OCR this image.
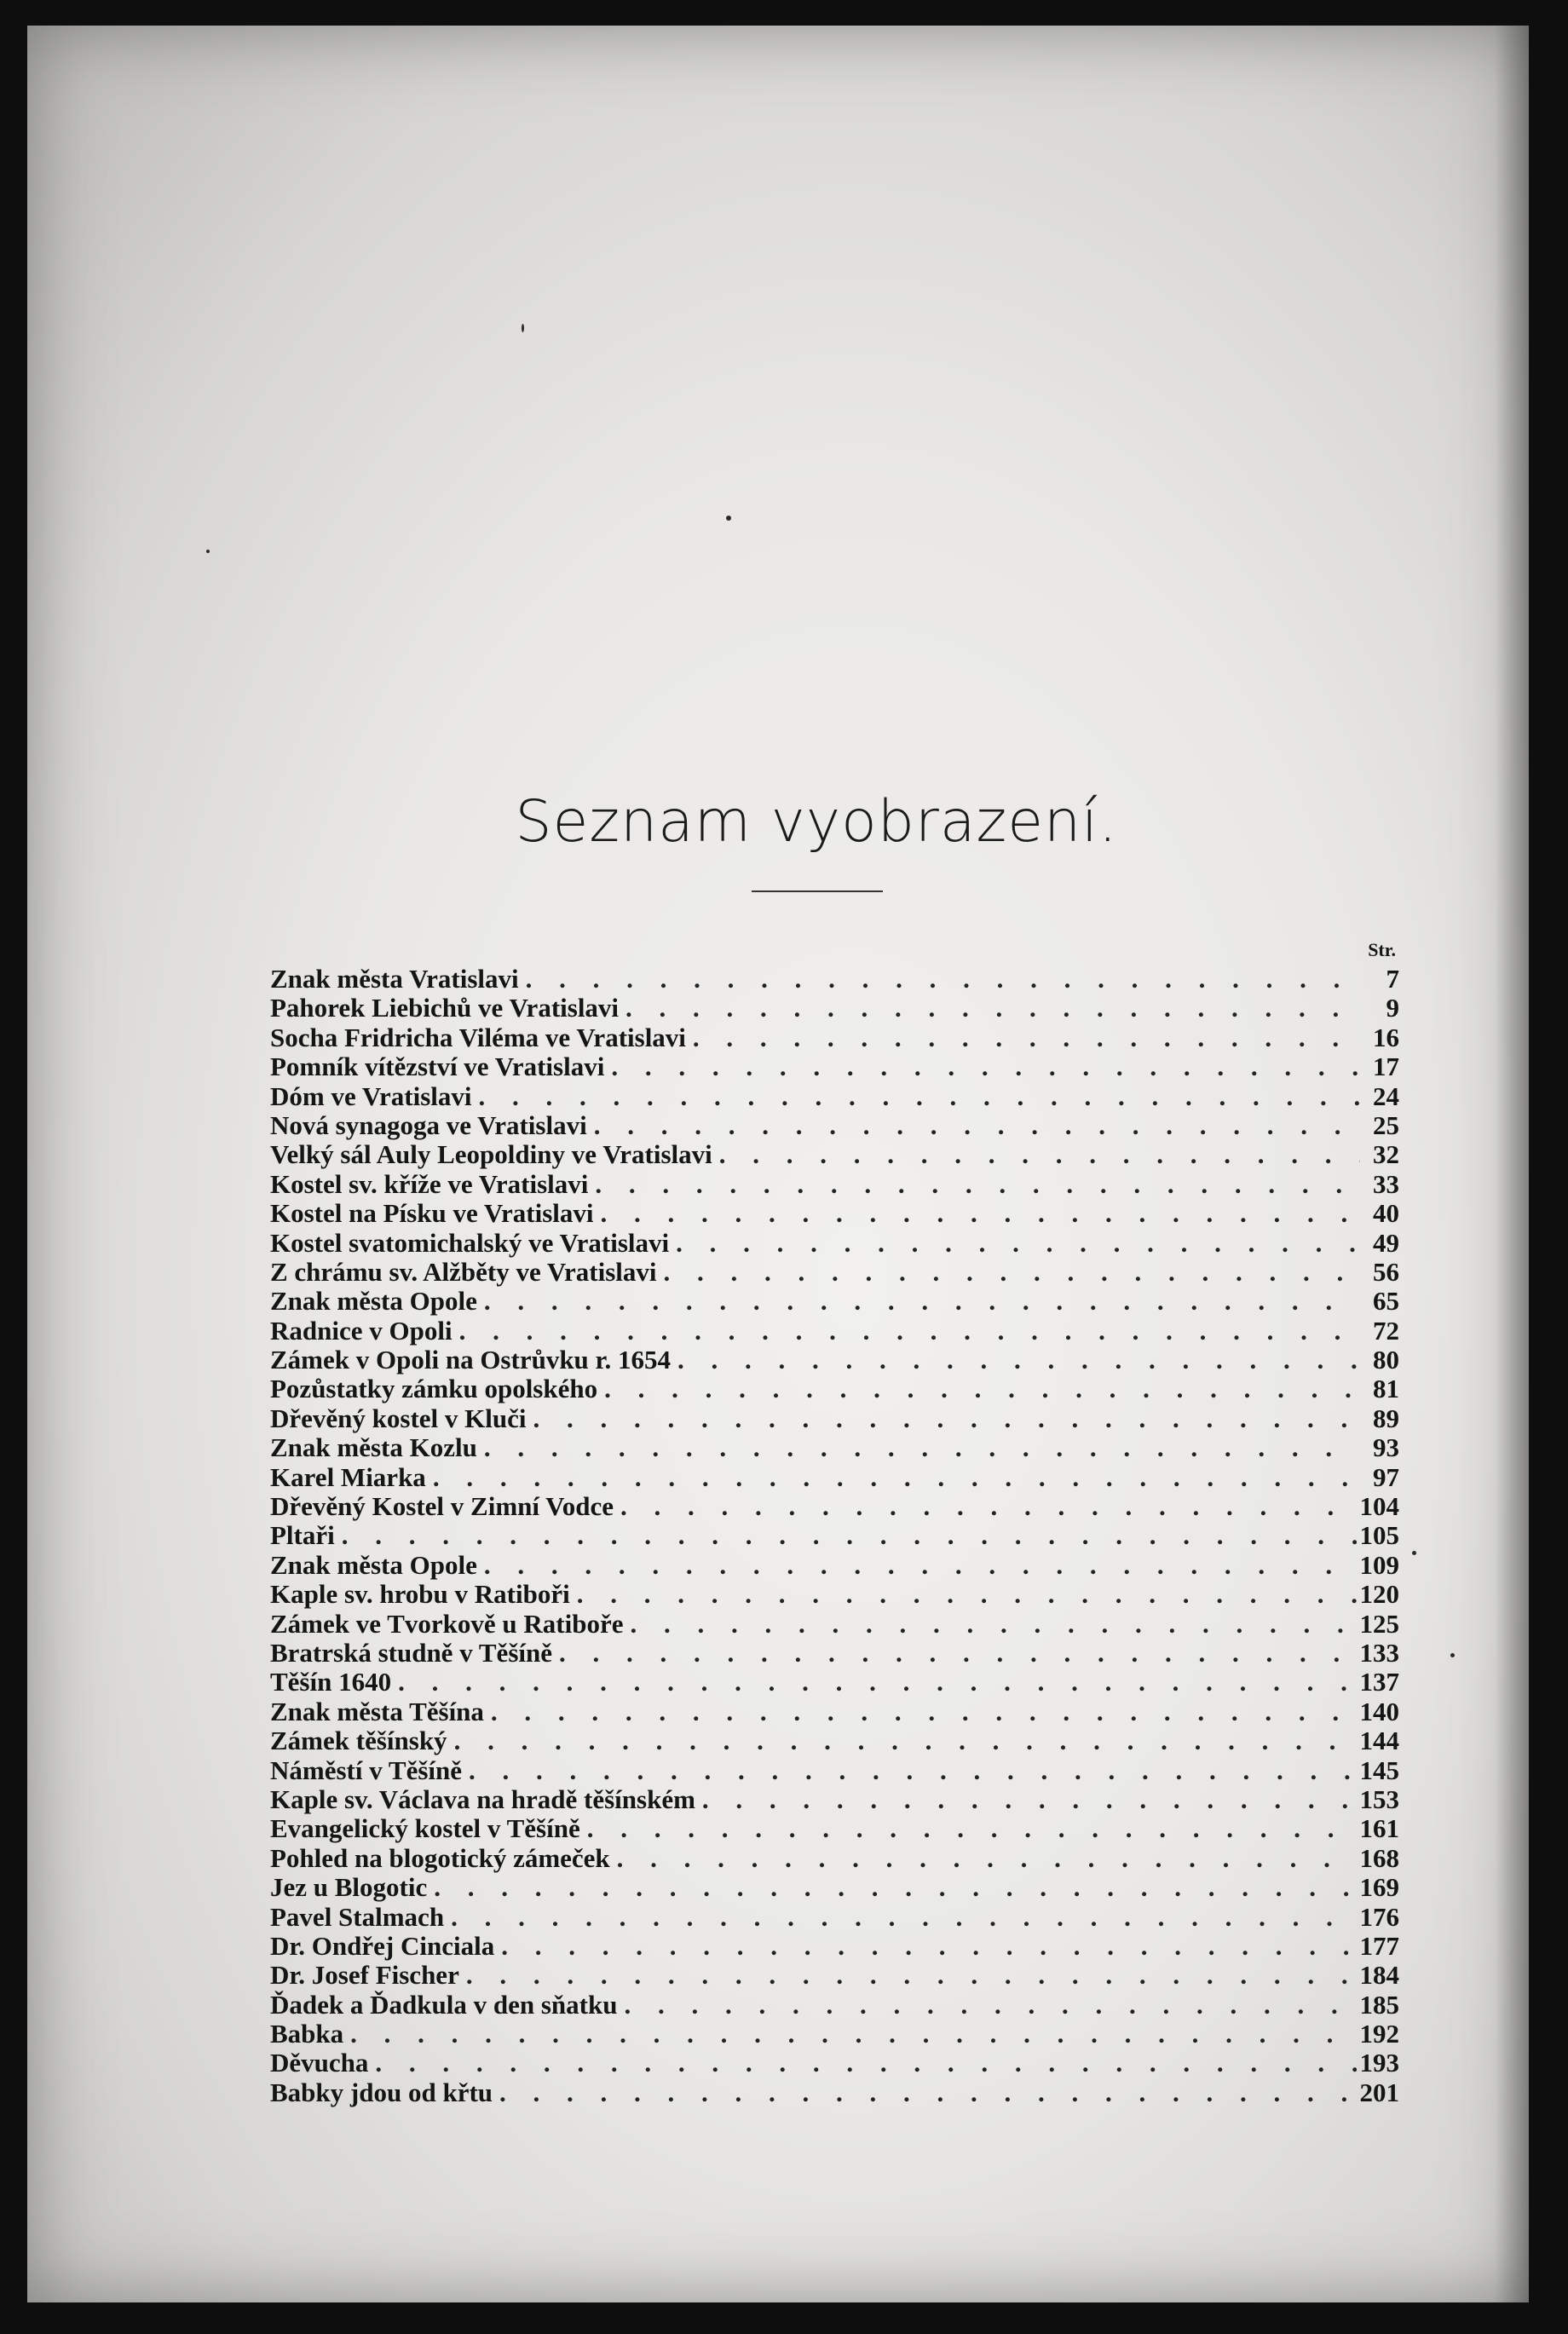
Seznam vyobrazení.
Str.
Znak města Vratislavi . . .	7
Pahorek Liebichů ve Vratislavi . . .	9
Socha Fridricha Viléma ve Vratislavi . . .	16
Pomník vítězství ve Vratislavi . . .	17
Dóm ve Vratislavi . . .	24
Nová synagoga ve Vratislavi . . .	25
Velký sál Auly Leopoldiny ve Vratislavi . . .	32
Kostel sv. kříže ve Vratislavi . . .	33
Kostel na Písku ve Vratislavi . . .	40
Kostel svatomichalský ve Vratislavi . . .	49
Z chrámu sv. Alžběty ve Vratislavi . . .	56
Znak města Opole . . .	65
Radnice v Opoli . . .	72
Zámek v Opoli na Ostrůvku r. 1654 . . .	80
Pozůstatky zámku opolského . . .	81
Dřevěný kostel v Kluči . . .	89
Znak města Kozlu . . .	93
Karel Miarka . . .	97
Dřevěný Kostel v Zimní Vodce . . .	104
Pltaři . . .	105
Znak města Opole . . .	109
Kaple sv. hrobu v Ratiboři . . .	120
Zámek ve Tvorkově u Ratiboře . . .	125
Bratrská studně v Těšíně . . .	133
Těšín 1640 . . .	137
Znak města Těšína . . .	140
Zámek těšínský . . .	144
Náměstí v Těšíně . . .	145
Kaple sv. Václava na hradě těšínském . . .	153
Evangelický kostel v Těšíně . . .	161
Pohled na blogotický zámeček . . .	168
Jez u Blogotic . . .	169
Pavel Stalmach . . .	176
Dr. Ondřej Cinciala . . .	177
Dr. Josef Fischer . . .	184
Ďadek a Ďadkula v den sňatku . . .	185
Babka . . .	192
Děvucha . . .	193
Babky jdou od křtu . . .	201
